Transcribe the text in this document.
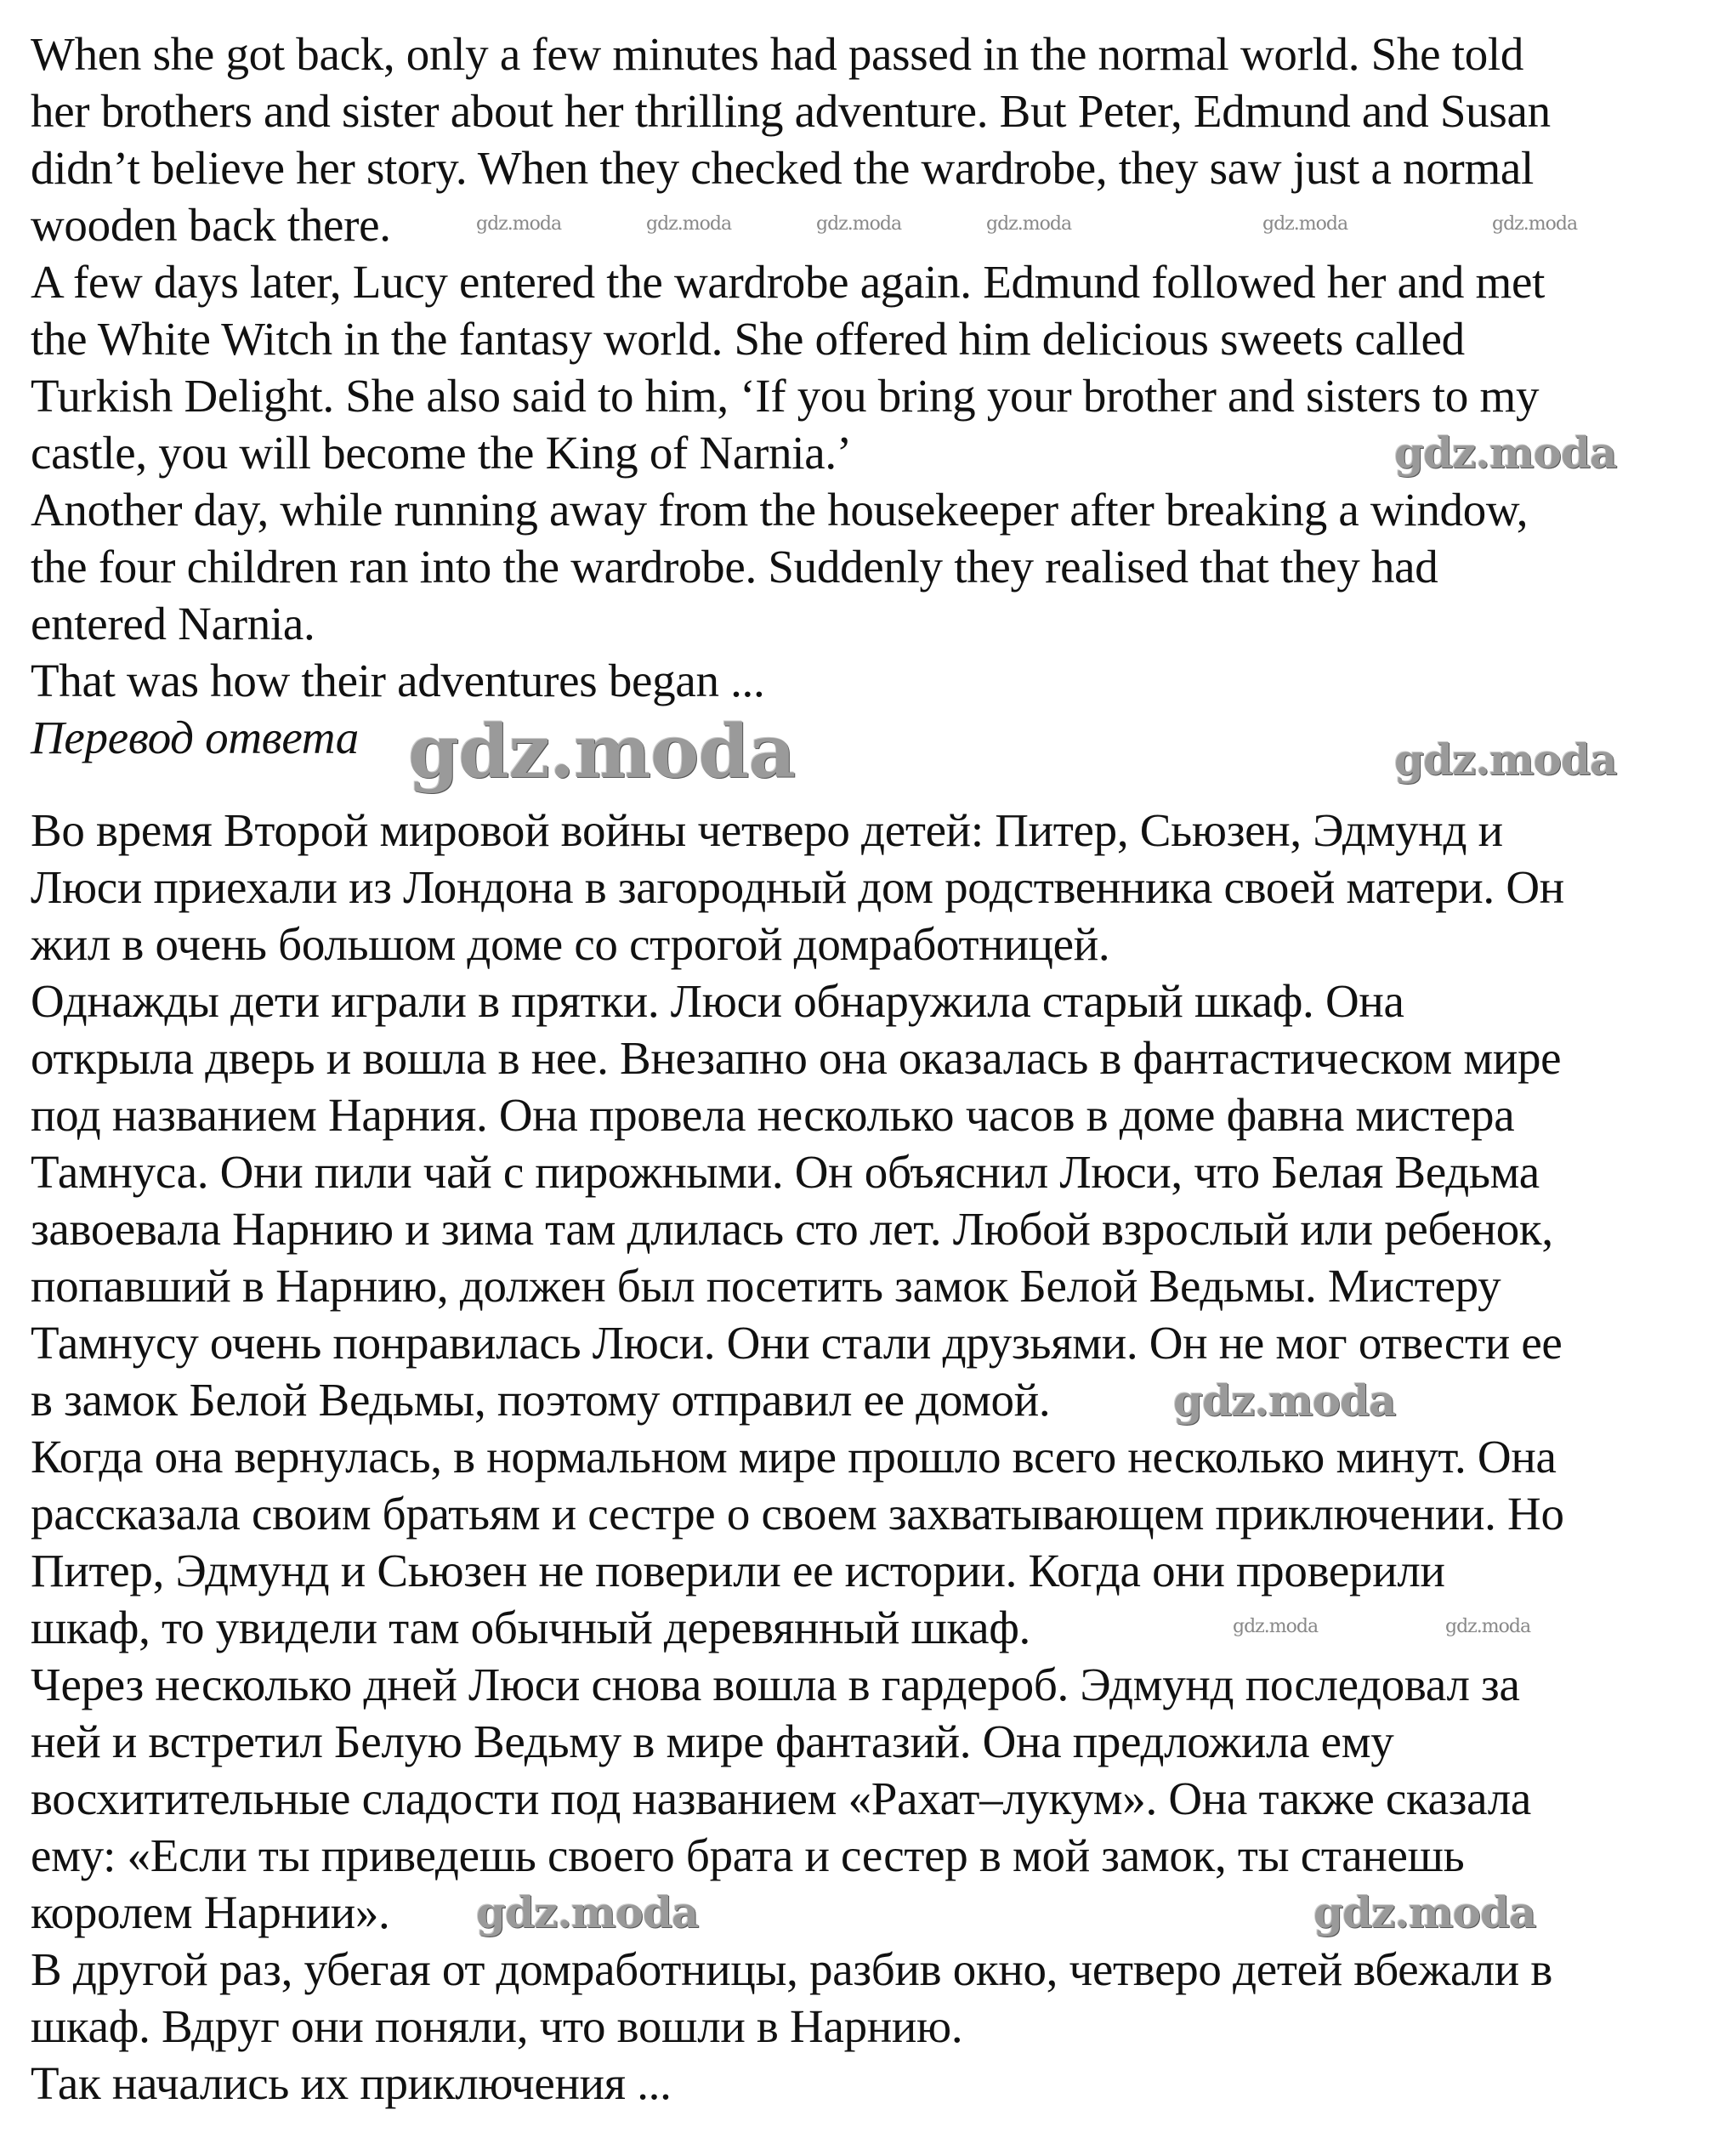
When she got back, only a few minutes had passed in the normal world. She told
her brothers and sister about her thrilling adventure. But Peter, Edmund and Susan
didn’t believe her story. When they checked the wardrobe, they saw just a normal
wooden back there.
A few days later, Lucy entered the wardrobe again. Edmund followed her and met
the White Witch in the fantasy world. She offered him delicious sweets called
Turkish Delight. She also said to him, ‘If you bring your brother and sisters to my
castle, you will become the King of Narnia.’
Another day, while running away from the housekeeper after breaking a window,
the four children ran into the wardrobe. Suddenly they realised that they had
entered Narnia.
That was how their adventures began ...
Во время Второй мировой войны четверо детей: Питер, Сьюзен, Эдмунд и
Люси приехали из Лондона в загородный дом родственника своей матери. Он
жил в очень большом доме со строгой домработницей.
Однажды дети играли в прятки. Люси обнаружила старый шкаф. Она
открыла дверь и вошла в нее. Внезапно она оказалась в фантастическом мире
под названием Нарния. Она провела несколько часов в доме фавна мистера
Тамнуса. Они пили чай с пирожными. Он объяснил Люси, что Белая Ведьма
завоевала Нарнию и зима там длилась сто лет. Любой взрослый или ребенок,
попавший в Нарнию, должен был посетить замок Белой Ведьмы. Мистеру
Тамнусу очень понравилась Люси. Они стали друзьями. Он не мог отвести ее
в замок Белой Ведьмы, поэтому отправил ее домой.
Когда она вернулась, в нормальном мире прошло всего несколько минут. Она
рассказала своим братьям и сестре о своем захватывающем приключении. Но
Питер, Эдмунд и Сьюзен не поверили ее истории. Когда они проверили
шкаф, то увидели там обычный деревянный шкаф.
Через несколько дней Люси снова вошла в гардероб. Эдмунд последовал за
ней и встретил Белую Ведьму в мире фантазий. Она предложила ему
восхитительные сладости под названием «Рахат–лукум». Она также сказала
ему: «Если ты приведешь своего брата и сестер в мой замок, ты станешь
королем Нарнии».
В другой раз, убегая от домработницы, разбив окно, четверо детей вбежали в
шкаф. Вдруг они поняли, что вошли в Нарнию.
Так начались их приключения ...
Перевод ответа
gdz.moda	gdz.moda	gdz.moda	gdz.moda	gdz.moda	gdz.moda
gdz.moda
gdz.moda	gdz.moda
gdz.moda	gdz.moda
gdz.moda
gdz.moda	gdz.moda
